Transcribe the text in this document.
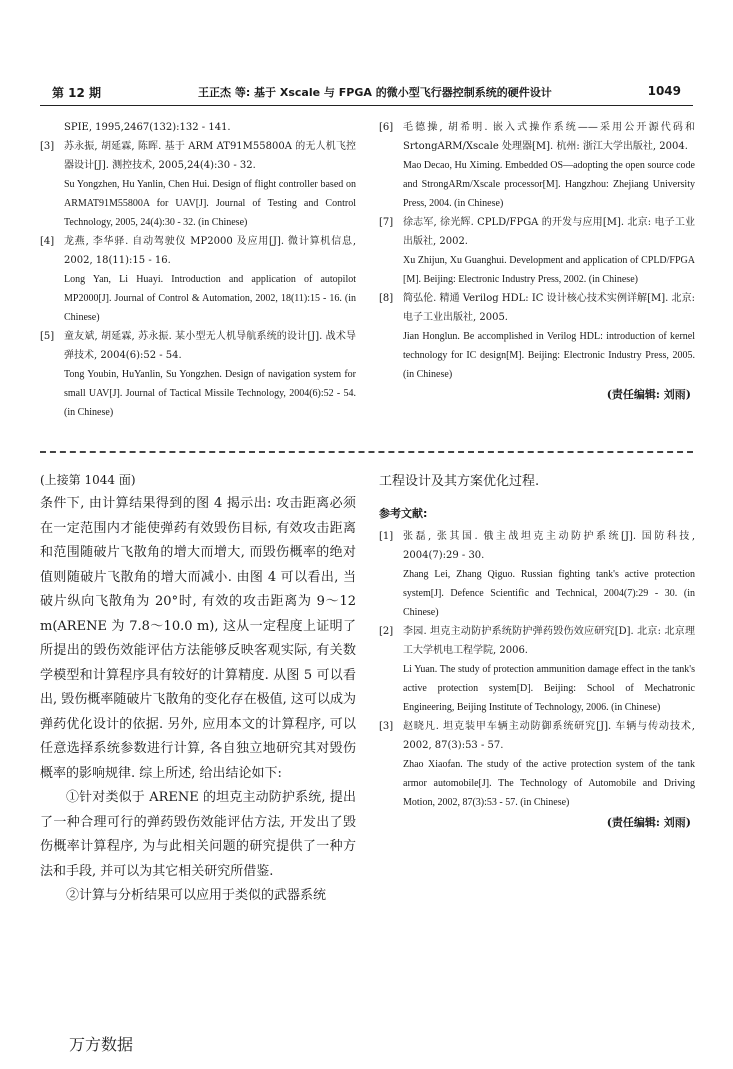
第 12 期	王正杰 等: 基于 Xscale 与 FPGA 的微小型飞行器控制系统的硬件设计	1049
SPIE, 1995,2467(132):132 - 141.
[3] 苏永振, 胡延霖, 陈晖. 基于 ARM AT91M55800A 的无人机飞控器设计[J]. 测控技术, 2005,24(4):30 - 32.
Su Yongzhen, Hu Yanlin, Chen Hui. Design of flight controller based on ARMAT91M55800A for UAV[J]. Journal of Testing and Control Technology, 2005, 24(4):30 - 32. (in Chinese)
[4] 龙燕, 李华驿. 自动驾驶仪 MP2000 及应用[J]. 微计算机信息, 2002, 18(11):15 - 16.
Long Yan, Li Huayi. Introduction and application of autopilot MP2000[J]. Journal of Control & Automation, 2002, 18(11):15 - 16. (in Chinese)
[5] 童友斌, 胡延霖, 苏永振. 某小型无人机导航系统的设计[J]. 战术导弹技术, 2004(6):52 - 54.
Tong Youbin, HuYanlin, Su Yongzhen. Design of navigation system for small UAV[J]. Journal of Tactical Missile Technology, 2004(6):52 - 54. (in Chinese)
[6] 毛德操, 胡希明. 嵌入式操作系统——采用公开源代码和 SrtongARM/Xscale 处理器[M]. 杭州: 浙江大学出版社, 2004.
Mao Decao, Hu Ximing. Embedded OS—adopting the open source code and StrongARm/Xscale processor[M]. Hangzhou: Zhejiang University Press, 2004. (in Chinese)
[7] 徐志军, 徐光辉. CPLD/FPGA 的开发与应用[M]. 北京: 电子工业出版社, 2002.
Xu Zhijun, Xu Guanghui. Development and application of CPLD/FPGA [M]. Beijing: Electronic Industry Press, 2002. (in Chinese)
[8] 简弘伦. 精通 Verilog HDL: IC 设计核心技术实例详解[M]. 北京: 电子工业出版社, 2005.
Jian Honglun. Be accomplished in Verilog HDL: introduction of kernel technology for IC design[M]. Beijing: Electronic Industry Press, 2005. (in Chinese)
(责任编辑: 刘雨)
(上接第 1044 面)

条件下, 由计算结果得到的图 4 揭示出: 攻击距离必须在一定范围内才能使弹药有效毁伤目标, 有效攻击距离和范围随破片飞散角的增大而增大, 而毁伤概率的绝对值则随破片飞散角的增大而减小. 由图 4 可以看出, 当破片纵向飞散角为 20°时, 有效的攻击距离为 9～12 m(ARENE 为 7.8～10.0 m), 这从一定程度上证明了所提出的毁伤效能评估方法能够反映客观实际, 有关数学模型和计算程序具有较好的计算精度. 从图 5 可以看出, 毁伤概率随破片飞散角的变化存在极值, 这可以成为弹药优化设计的依据. 另外, 应用本文的计算程序, 可以任意选择系统参数进行计算, 各自独立地研究其对毁伤概率的影响规律. 综上所述, 给出结论如下:

①针对类似于 ARENE 的坦克主动防护系统, 提出了一种合理可行的弹药毁伤效能评估方法, 开发出了毁伤概率计算程序, 为与此相关问题的研究提供了一种方法和手段, 并可以为其它相关研究所借鉴.

②计算与分析结果可以应用于类似的武器系统

工程设计及其方案优化过程.

参考文献:
[1] 张磊, 张其国. 俄主战坦克主动防护系统[J]. 国防科技, 2004(7):29 - 30.
Zhang Lei, Zhang Qiguo. Russian fighting tank's active protection system[J]. Defence Scientific and Technical, 2004(7):29 - 30. (in Chinese)
[2] 李园. 坦克主动防护系统防护弹药毁伤效应研究[D]. 北京: 北京理工大学机电工程学院, 2006.
Li Yuan. The study of protection ammunition damage effect in the tank's active protection system[D]. Beijing: School of Mechatronic Engineering, Beijing Institute of Technology, 2006. (in Chinese)
[3] 赵晓凡. 坦克装甲车辆主动防御系统研究[J]. 车辆与传动技术, 2002, 87(3):53 - 57.
Zhao Xiaofan. The study of the active protection system of the tank armor automobile[J]. The Technology of Automobile and Driving Motion, 2002, 87(3):53 - 57. (in Chinese)
(责任编辑: 刘雨)
万方数据
